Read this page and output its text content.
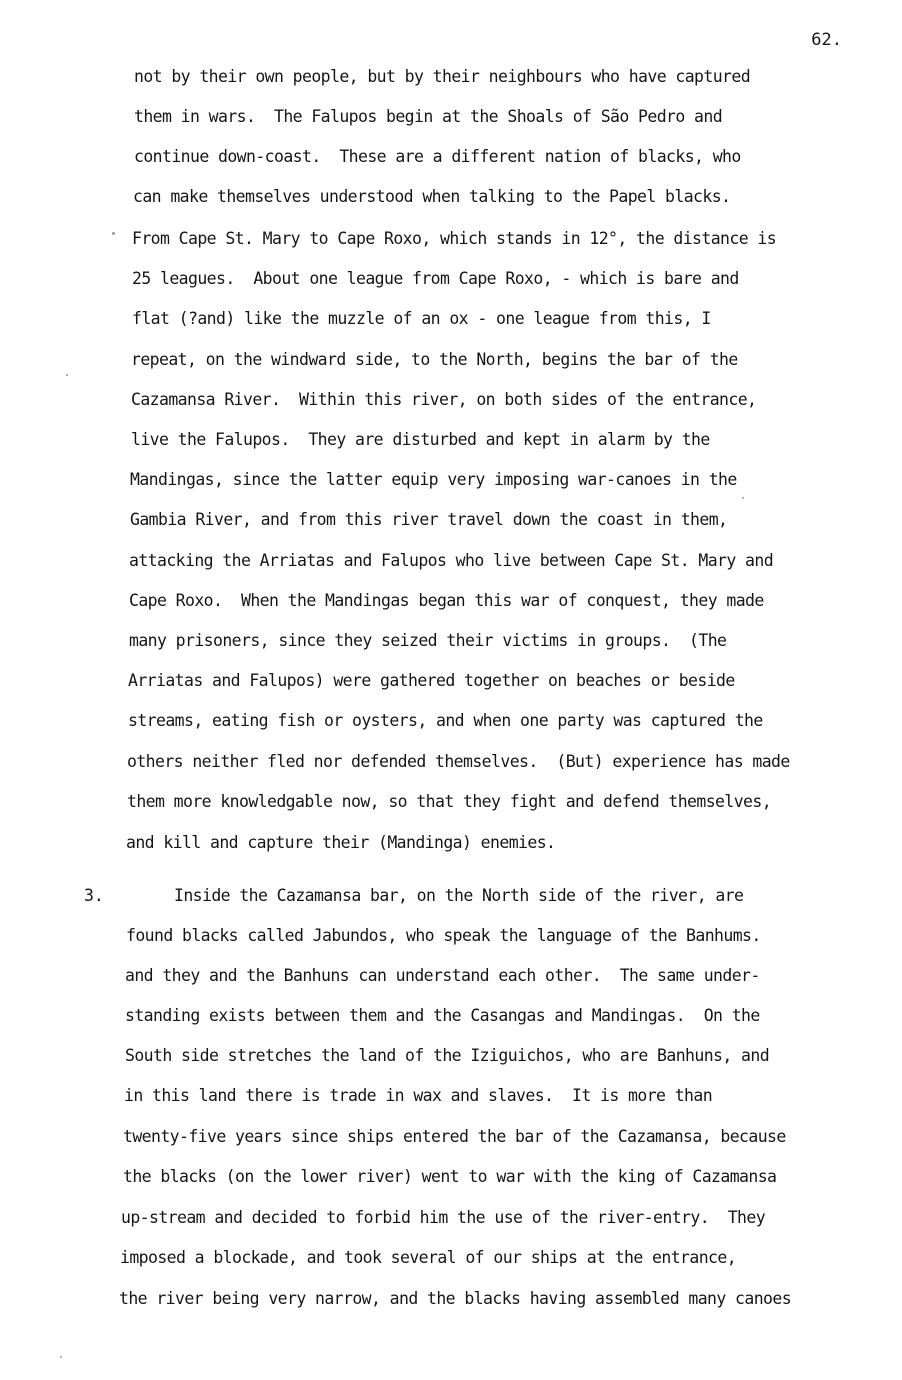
62.
not by their own people, but by their neighbours who have captured
them in wars.  The Falupos begin at the Shoals of São Pedro and
continue down-coast.  These are a different nation of blacks, who
can make themselves understood when talking to the Papel blacks.
From Cape St. Mary to Cape Roxo, which stands in 12°, the distance is
25 leagues.  About one league from Cape Roxo, - which is bare and
flat (?and) like the muzzle of an ox - one league from this, I
repeat, on the windward side, to the North, begins the bar of the
Cazamansa River.  Within this river, on both sides of the entrance,
live the Falupos.  They are disturbed and kept in alarm by the
Mandingas, since the latter equip very imposing war-canoes in the
Gambia River, and from this river travel down the coast in them,
attacking the Arriatas and Falupos who live between Cape St. Mary and
Cape Roxo.  When the Mandingas began this war of conquest, they made
many prisoners, since they seized their victims in groups.  (The
Arriatas and Falupos) were gathered together on beaches or beside
streams, eating fish or oysters, and when one party was captured the
others neither fled nor defended themselves.  (But) experience has made
them more knowledgable now, so that they fight and defend themselves,
and kill and capture their (Mandinga) enemies.
3.	Inside the Cazamansa bar, on the North side of the river, are
found blacks called Jabundos, who speak the language of the Banhums.
and they and the Banhuns can understand each other.  The same under-
standing exists between them and the Casangas and Mandingas.  On the
South side stretches the land of the Iziguichos, who are Banhuns, and
in this land there is trade in wax and slaves.  It is more than
twenty-five years since ships entered the bar of the Cazamansa, because
the blacks (on the lower river) went to war with the king of Cazamansa
up-stream and decided to forbid him the use of the river-entry.  They
imposed a blockade, and took several of our ships at the entrance,
the river being very narrow, and the blacks having assembled many canoes
